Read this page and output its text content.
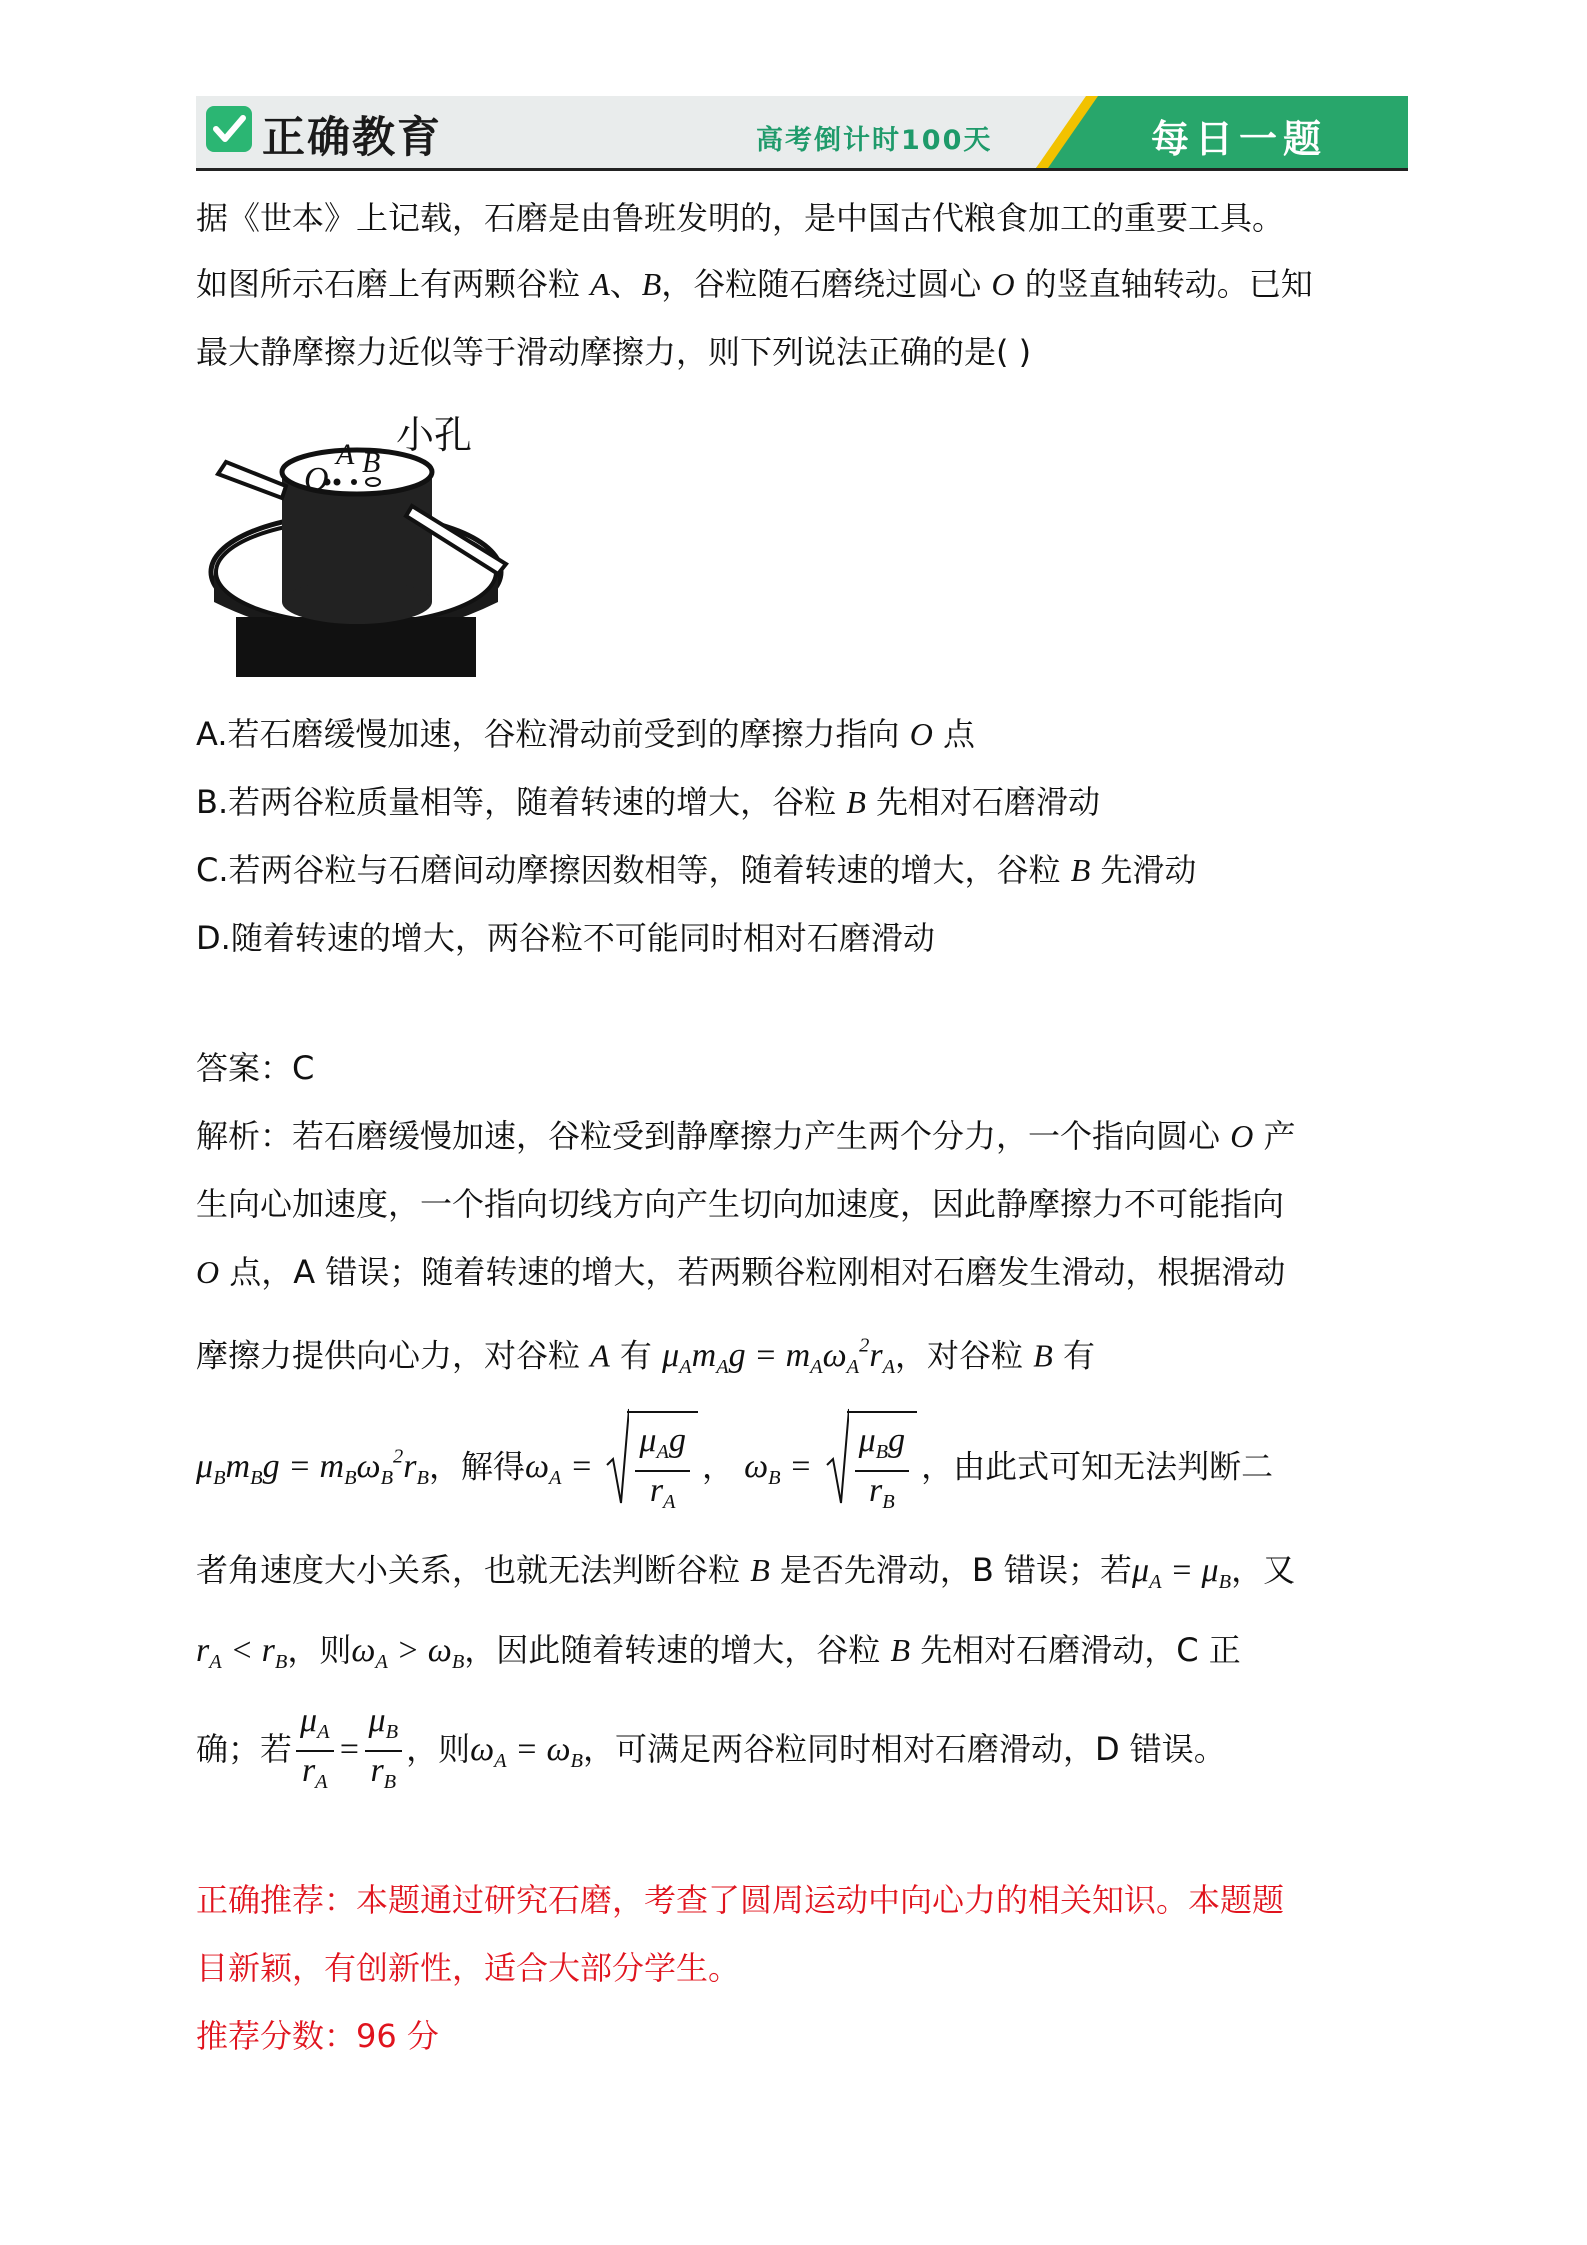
正确教育	高考倒计时100天	每日一题
据《世本》上记载，石磨是由鲁班发明的，是中国古代粮食加工的重要工具。
如图所示石磨上有两颗谷粒 A、B，谷粒随石磨绕过圆心 O 的竖直轴转动。已知
最大静摩擦力近似等于滑动摩擦力，则下列说法正确的是( )
O
A B
小孔
A.若石磨缓慢加速，谷粒滑动前受到的摩擦力指向 O 点
B.若两谷粒质量相等，随着转速的增大，谷粒 B 先相对石磨滑动
C.若两谷粒与石磨间动摩擦因数相等，随着转速的增大，谷粒 B 先滑动
D.随着转速的增大，两谷粒不可能同时相对石磨滑动
答案：C
解析：若石磨缓慢加速，谷粒受到静摩擦力产生两个分力，一个指向圆心 O 产
生向心加速度，一个指向切线方向产生切向加速度，因此静摩擦力不可能指向
O 点，A 错误；随着转速的增大，若两颗谷粒刚相对石磨发生滑动，根据滑动
摩擦力提供向心力，对谷粒 A 有 $\mu_Am_Ag = m_A\omega_A^2r_A$，对谷粒 B 有
$\mu_Bm_Bg = m_B\omega_B^2r_B$，解得$\omega_A = \frac{\mu_Ag}{r_A}$ ， $\omega_B = \frac{\mu_Bg}{r_B}$ ，由此式可知无法判断二
者角速度大小关系，也就无法判断谷粒 B 是否先滑动，B 错误；若$\mu_A = \mu_B$，又
$r_A < r_B$，则$\omega_A > \omega_B$，因此随着转速的增大，谷粒 B 先相对石磨滑动，C 正
确；若 $\frac{\mu_A}{r_A} = \frac{\mu_B}{r_B}$ ，则$\omega_A = \omega_B$，可满足两谷粒同时相对石磨滑动，D 错误。
正确推荐：本题通过研究石磨，考查了圆周运动中向心力的相关知识。本题题
目新颖，有创新性，适合大部分学生。
推荐分数：96 分
